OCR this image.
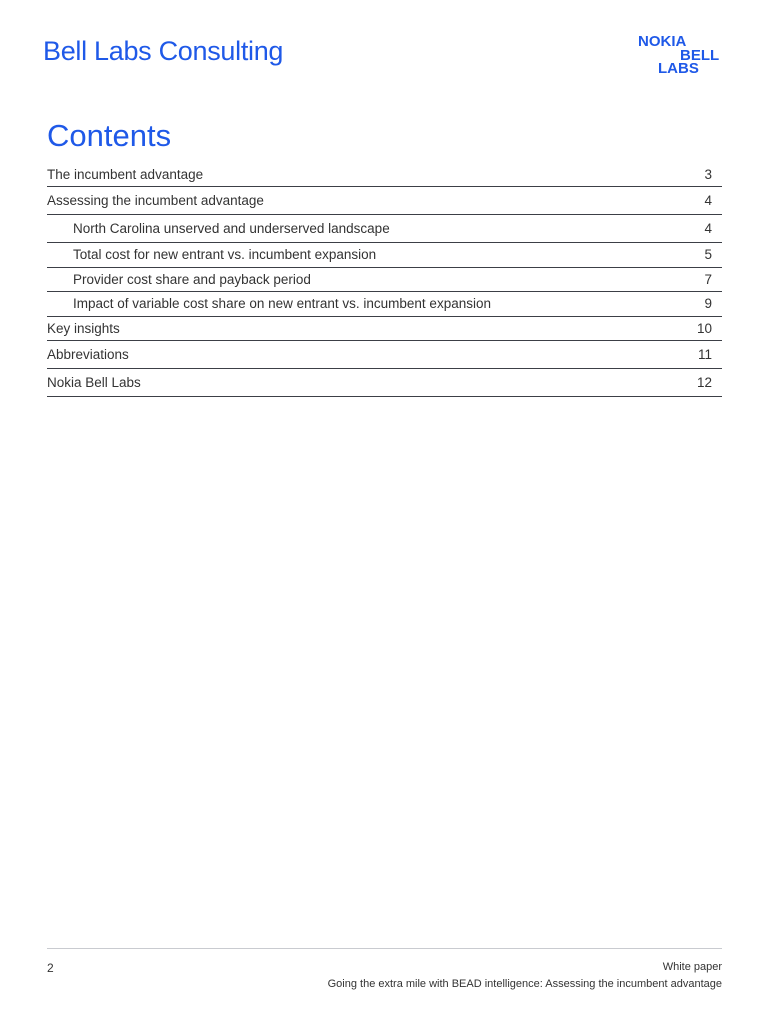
Bell Labs Consulting	NOKIA
BELL
LABS
Contents
The incumbent advantage	3
Assessing the incumbent advantage	4
North Carolina unserved and underserved landscape	4
Total cost for new entrant vs. incumbent expansion	5
Provider cost share and payback period	7
Impact of variable cost share on new entrant vs. incumbent expansion	9
Key insights	10
Abbreviations	11
Nokia Bell Labs	12
2	White paper
Going the extra mile with BEAD intelligence: Assessing the incumbent advantage
